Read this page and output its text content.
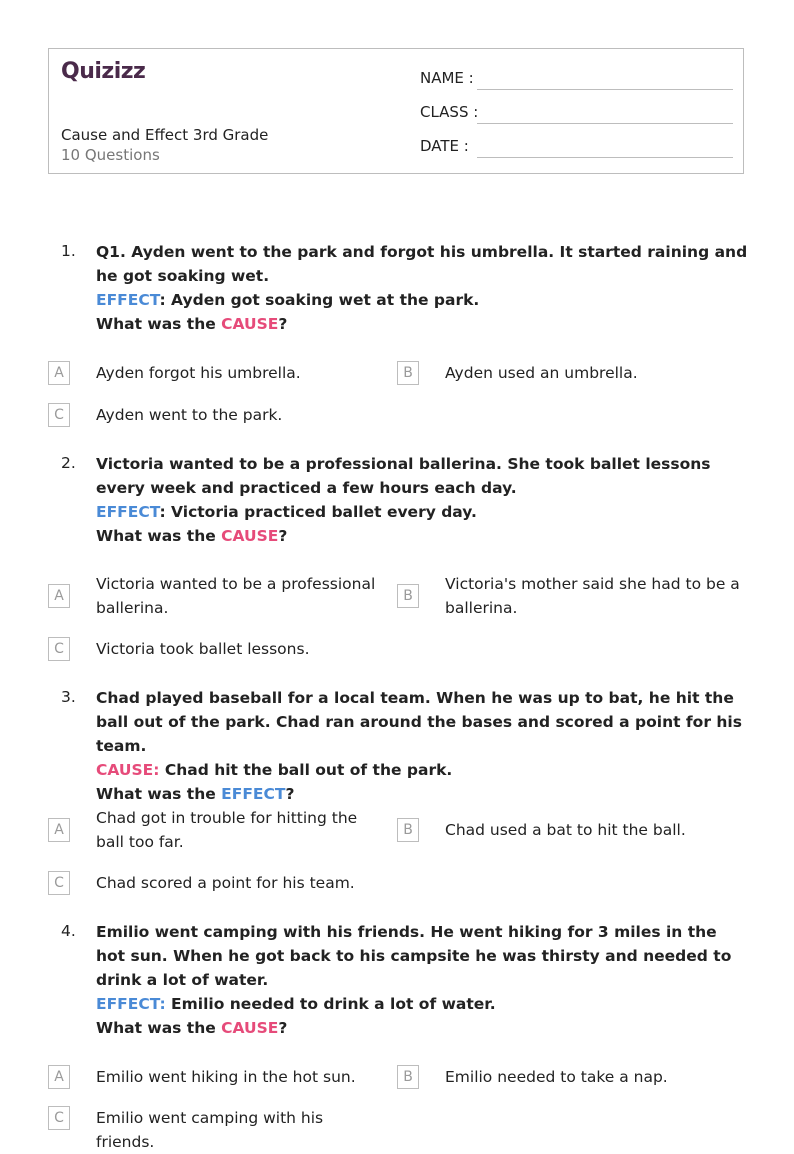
Quizizz
Cause and Effect 3rd Grade
10 Questions
NAME :
CLASS :
DATE :
1. Q1. Ayden went to the park and forgot his umbrella. It started raining and he got soaking wet.

EFFECT: Ayden got soaking wet at the park.

What was the CAUSE?

A	Ayden forgot his umbrella.	B	Ayden used an umbrella.
C	Ayden went to the park.
2. Victoria wanted to be a professional ballerina. She took ballet lessons every week and practiced a few hours each day.

EFFECT: Victoria practiced ballet every day.

What was the CAUSE?

A
Victoria wanted to be a professional ballerina.
B
Victoria's mother said she had to be a ballerina.
C	Victoria took ballet lessons.
3. Chad played baseball for a local team. When he was up to bat, he hit the ball out of the park. Chad ran around the bases and scored a point for his team.

CAUSE: Chad hit the ball out of the park.

What was the EFFECT?

A
Chad got in trouble for hitting the ball too far.
B	Chad used a bat to hit the ball.
C	Chad scored a point for his team.
4. Emilio went camping with his friends. He went hiking for 3 miles in the hot sun. When he got back to his campsite he was thirsty and needed to drink a lot of water.

EFFECT: Emilio needed to drink a lot of water.

What was the CAUSE?

A	Emilio went hiking in the hot sun.	B	Emilio needed to take a nap.
C	Emilio went camping with his friends.
